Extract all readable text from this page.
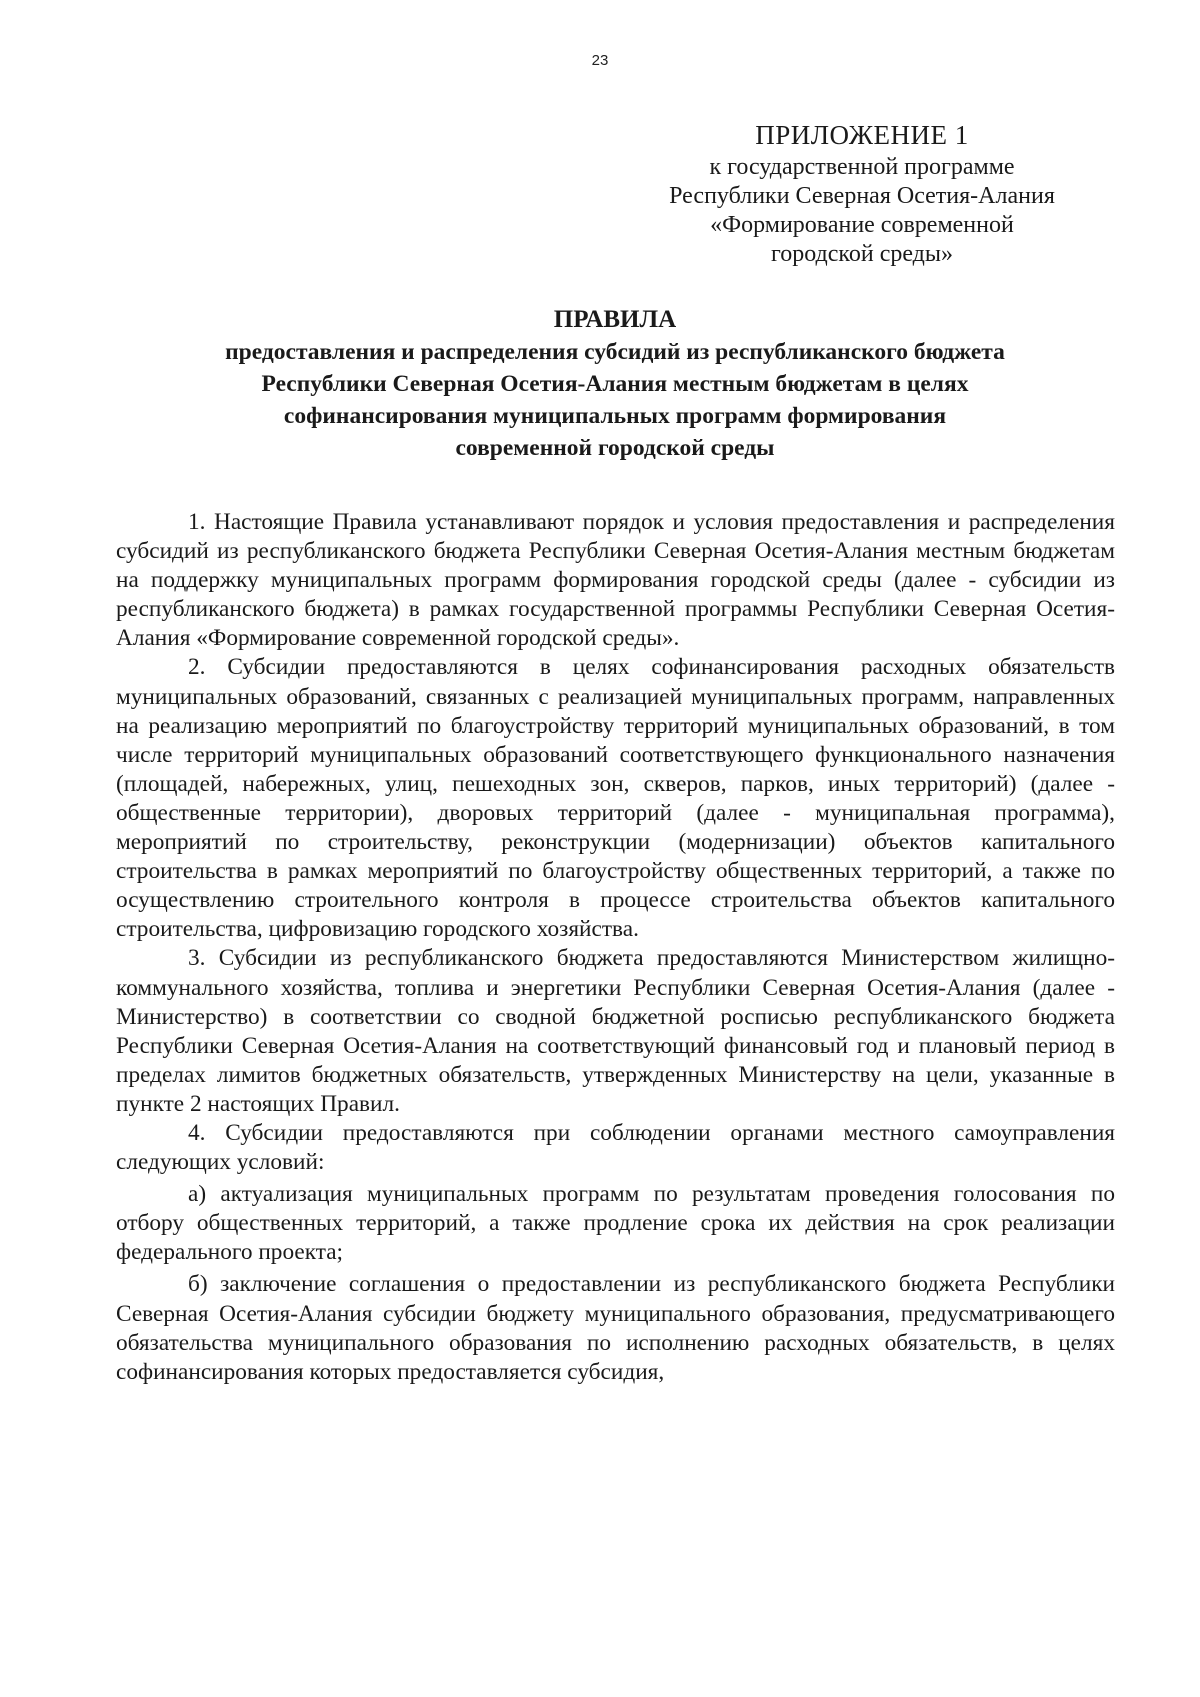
23
ПРИЛОЖЕНИЕ 1
к государственной программе
Республики Северная Осетия-Алания
«Формирование современной
городской среды»
ПРАВИЛА
предоставления и распределения субсидий из республиканского бюджета
Республики Северная Осетия-Алания местным бюджетам в целях
софинансирования муниципальных программ формирования
современной городской среды

1. Настоящие Правила устанавливают порядок и условия предоставления и распределения субсидий из республиканского бюджета Республики Северная Осетия-Алания местным бюджетам на поддержку муниципальных программ формирования городской среды (далее - субсидии из республиканского бюджета) в рамках государственной программы Республики Северная Осетия-Алания «Формирование современной городской среды».

2. Субсидии предоставляются в целях софинансирования расходных обязательств муниципальных образований, связанных с реализацией муниципальных программ, направленных на реализацию мероприятий по благоустройству территорий муниципальных образований, в том числе территорий муниципальных образований соответствующего функционального назначения (площадей, набережных, улиц, пешеходных зон, скверов, парков, иных территорий) (далее - общественные территории), дворовых территорий (далее - муниципальная программа), мероприятий по строительству, реконструкции (модернизации) объектов капитального строительства в рамках мероприятий по благоустройству общественных территорий, а также по осуществлению строительного контроля в процессе строительства объектов капитального строительства, цифровизацию городского хозяйства.

3. Субсидии из республиканского бюджета предоставляются Министерством жилищно-коммунального хозяйства, топлива и энергетики Республики Северная Осетия-Алания (далее - Министерство) в соответствии со сводной бюджетной росписью республиканского бюджета Республики Северная Осетия-Алания на соответствующий финансовый год и плановый период в пределах лимитов бюджетных обязательств, утвержденных Министерству на цели, указанные в пункте 2 настоящих Правил.

4. Субсидии предоставляются при соблюдении органами местного самоуправления следующих условий:

а) актуализация муниципальных программ по результатам проведения голосования по отбору общественных территорий, а также продление срока их действия на срок реализации федерального проекта;

б) заключение соглашения о предоставлении из республиканского бюджета Республики Северная Осетия-Алания субсидии бюджету муниципального образования, предусматривающего обязательства муниципального образования по исполнению расходных обязательств, в целях софинансирования которых предоставляется субсидия,
